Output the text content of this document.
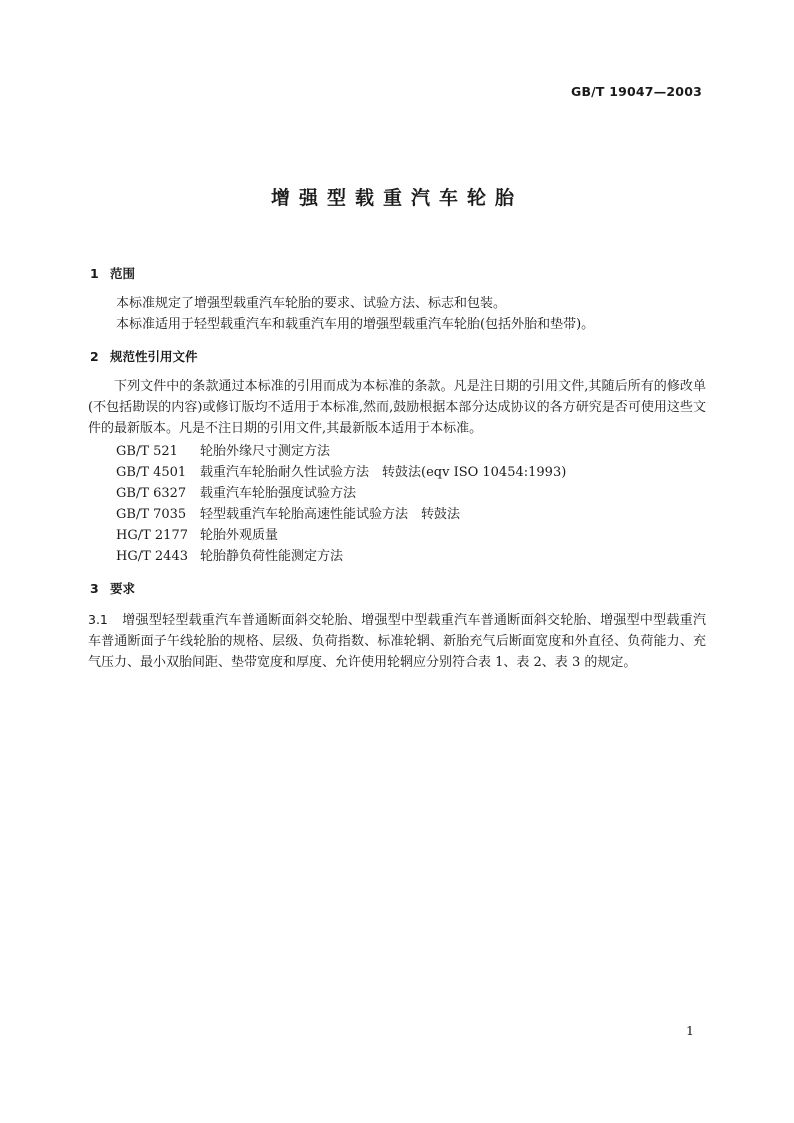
GB/T 19047—2003
增强型载重汽车轮胎
1 范围
本标准规定了增强型载重汽车轮胎的要求、试验方法、标志和包装。
本标准适用于轻型载重汽车和载重汽车用的增强型载重汽车轮胎(包括外胎和垫带)。
2 规范性引用文件
下列文件中的条款通过本标准的引用而成为本标准的条款。凡是注日期的引用文件,其随后所有的修改单(不包括勘误的内容)或修订版均不适用于本标准,然而,鼓励根据本部分达成协议的各方研究是否可使用这些文件的最新版本。凡是不注日期的引用文件,其最新版本适用于本标准。
GB/T 521 轮胎外缘尺寸测定方法
GB/T 4501 载重汽车轮胎耐久性试验方法　转鼓法(eqv ISO 10454:1993)
GB/T 6327 载重汽车轮胎强度试验方法
GB/T 7035 轻型载重汽车轮胎高速性能试验方法　转鼓法
HG/T 2177 轮胎外观质量
HG/T 2443 轮胎静负荷性能测定方法
3 要求
3.1 增强型轻型载重汽车普通断面斜交轮胎、增强型中型载重汽车普通断面斜交轮胎、增强型中型载重汽车普通断面子午线轮胎的规格、层级、负荷指数、标准轮辋、新胎充气后断面宽度和外直径、负荷能力、充气压力、最小双胎间距、垫带宽度和厚度、允许使用轮辋应分别符合表 1、表 2、表 3 的规定。
1
